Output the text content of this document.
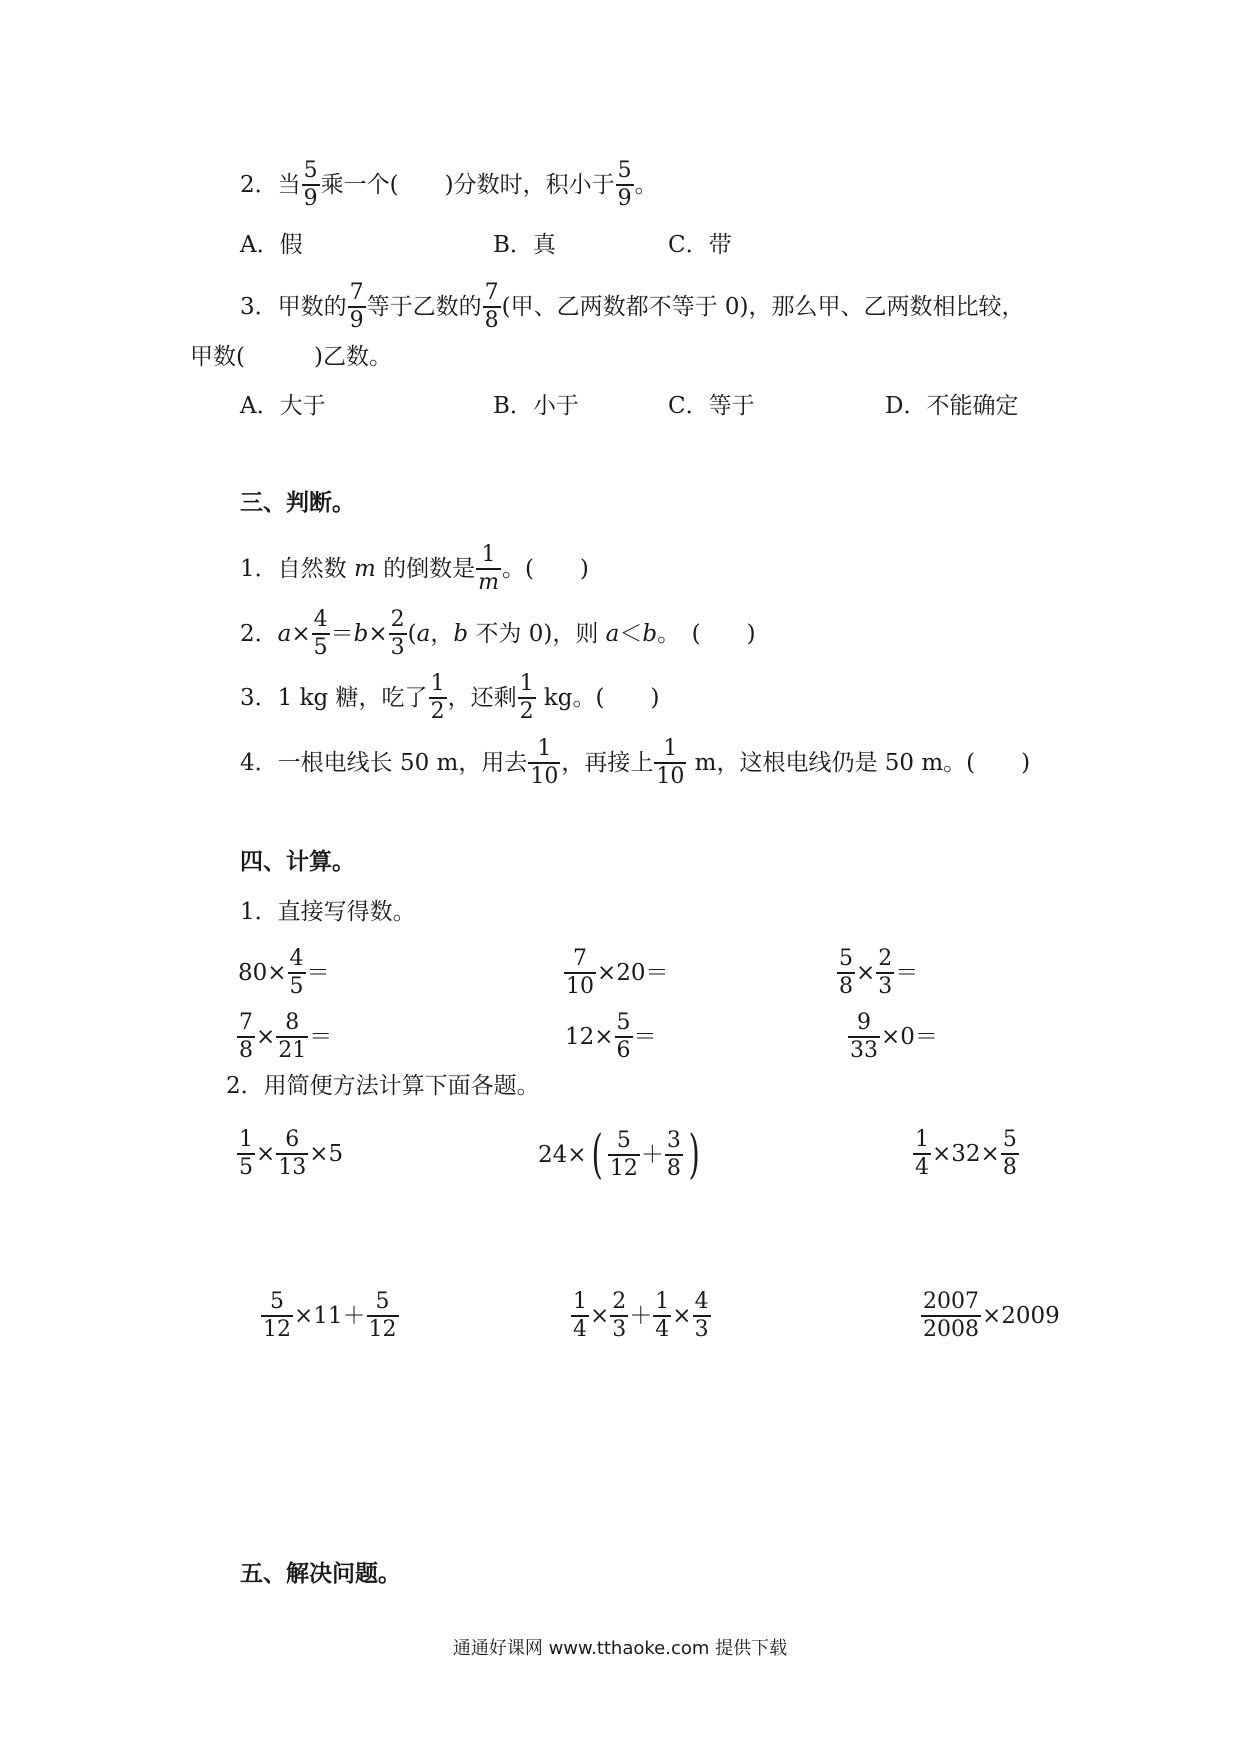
2．当 $\frac{5}{9}$ 乘一个(　　)分数时，积小于 $\frac{5}{9}$ 。
A．假	B．真	C．带
3．甲数的 $\frac{7}{9}$ 等于乙数的 $\frac{7}{8}$ (甲、乙两数都不等于 0)，那么甲、乙两数相比较，
甲数(　　　)乙数。
A．大于	B．小于	C．等于	D．不能确定
三、判断。
1．自然数 m 的倒数是 $\frac{1}{m}$ 。(　　)
2．$a\times \frac{4}{5} =b\times \frac{2}{3} (a$，b 不为 0)，则 a＜b。　(　　)
3．1 kg 糖，吃了 $\frac{1}{2}$ ，还剩 $\frac{1}{2}$ kg。(　　)
4．一根电线长 50 m，用去 $\frac{1}{10}$ ，再接上 $\frac{1}{10}$ m，这根电线仍是 50 m。(　　)
四、计算。
1．直接写得数。
$80\times \frac{4}{5}$ ＝	$\frac{7}{10} \times 20=$	$\frac{5}{8} \times \frac{2}{3}$ ＝
$\frac{7}{8} \times \frac{8}{21}$ ＝	$12\times \frac{5}{6}$ ＝	$\frac{9}{33} \times 0=$
2．用简便方法计算下面各题。
$\frac{1}{5} \times \frac{6}{13} \times 5$	$24\times( \frac{5}{12} + \frac{3}{8}$ )	$\frac{1}{4} \times 32\times \frac{5}{8}$
$\frac{5}{12} \times 11+ \frac{5}{12}$	$\frac{1}{4} \times \frac{2}{3} + \frac{1}{4} \times \frac{4}{3}$	$\frac{2007}{2008} \times 2009$
五、解决问题。
通通好课网 www.tthaoke.com 提供下载
